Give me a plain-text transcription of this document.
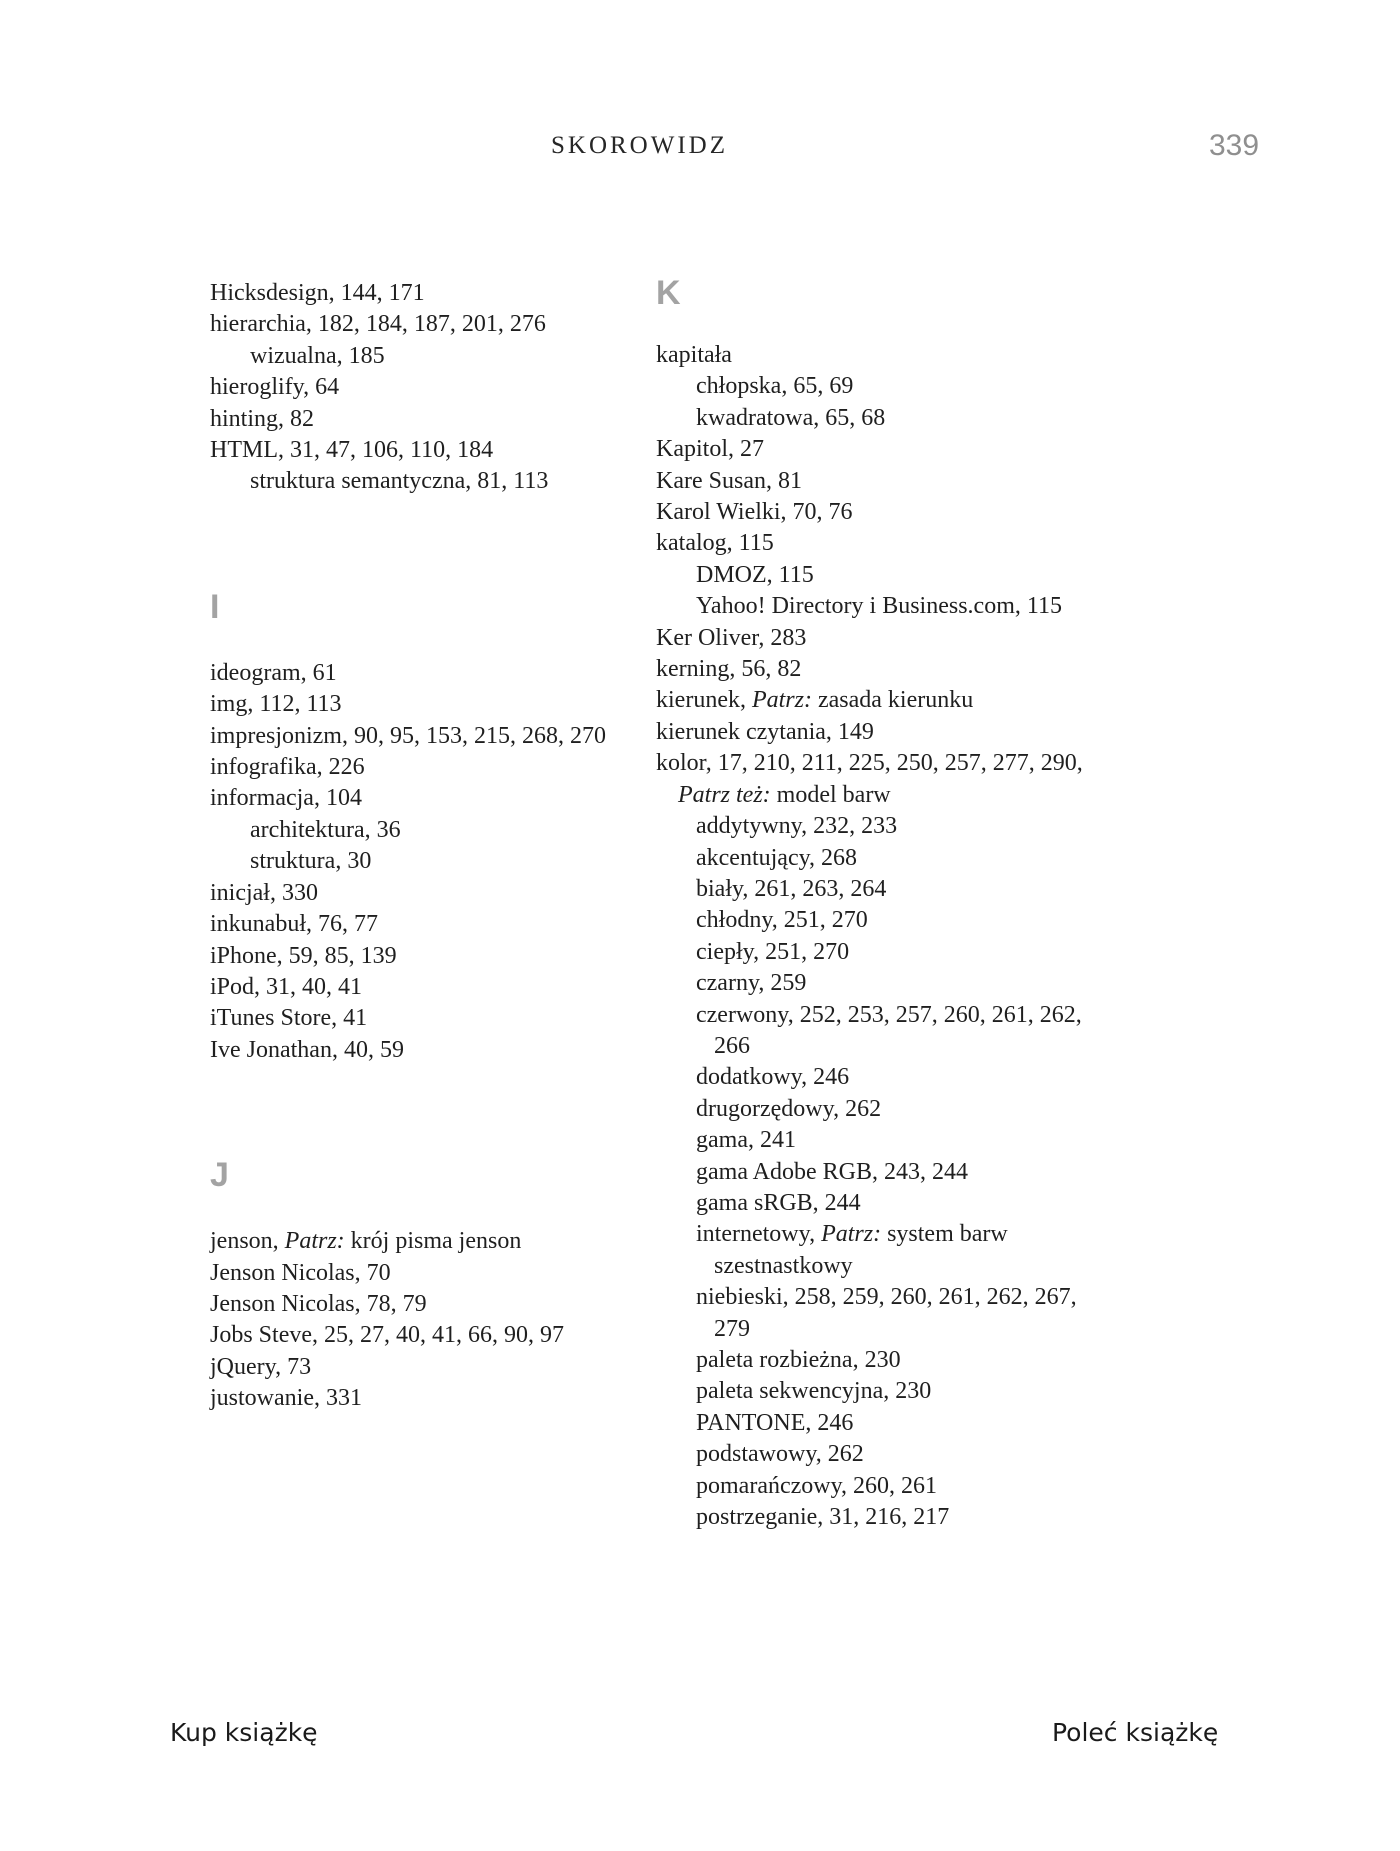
SKOROWIDZ	339
Hicksdesign, 144, 171
hierarchia, 182, 184, 187, 201, 276
wizualna, 185
hieroglify, 64
hinting, 82
HTML, 31, 47, 106, 110, 184
struktura semantyczna, 81, 113
I
ideogram, 61
img, 112, 113
impresjonizm, 90, 95, 153, 215, 268, 270
infografika, 226
informacja, 104
architektura, 36
struktura, 30
inicjał, 330
inkunabuł, 76, 77
iPhone, 59, 85, 139
iPod, 31, 40, 41
iTunes Store, 41
Ive Jonathan, 40, 59
J
jenson, Patrz: krój pisma jenson
Jenson Nicolas, 70
Jenson Nicolas, 78, 79
Jobs Steve, 25, 27, 40, 41, 66, 90, 97
jQuery, 73
justowanie, 331
K
kapitała
chłopska, 65, 69
kwadratowa, 65, 68
Kapitol, 27
Kare Susan, 81
Karol Wielki, 70, 76
katalog, 115
DMOZ, 115
Yahoo! Directory i Business.com, 115
Ker Oliver, 283
kerning, 56, 82
kierunek, Patrz: zasada kierunku
kierunek czytania, 149
kolor, 17, 210, 211, 225, 250, 257, 277, 290, Patrz też: model barw
addytywny, 232, 233
akcentujący, 268
biały, 261, 263, 264
chłodny, 251, 270
ciepły, 251, 270
czarny, 259
czerwony, 252, 253, 257, 260, 261, 262, 266
dodatkowy, 246
drugorzędowy, 262
gama, 241
gama Adobe RGB, 243, 244
gama sRGB, 244
internetowy, Patrz: system barw szestnastkowy
niebieski, 258, 259, 260, 261, 262, 267, 279
paleta rozbieżna, 230
paleta sekwencyjna, 230
PANTONE, 246
podstawowy, 262
pomarańczowy, 260, 261
postrzeganie, 31, 216, 217
Kup książkę	Poleć książkę
